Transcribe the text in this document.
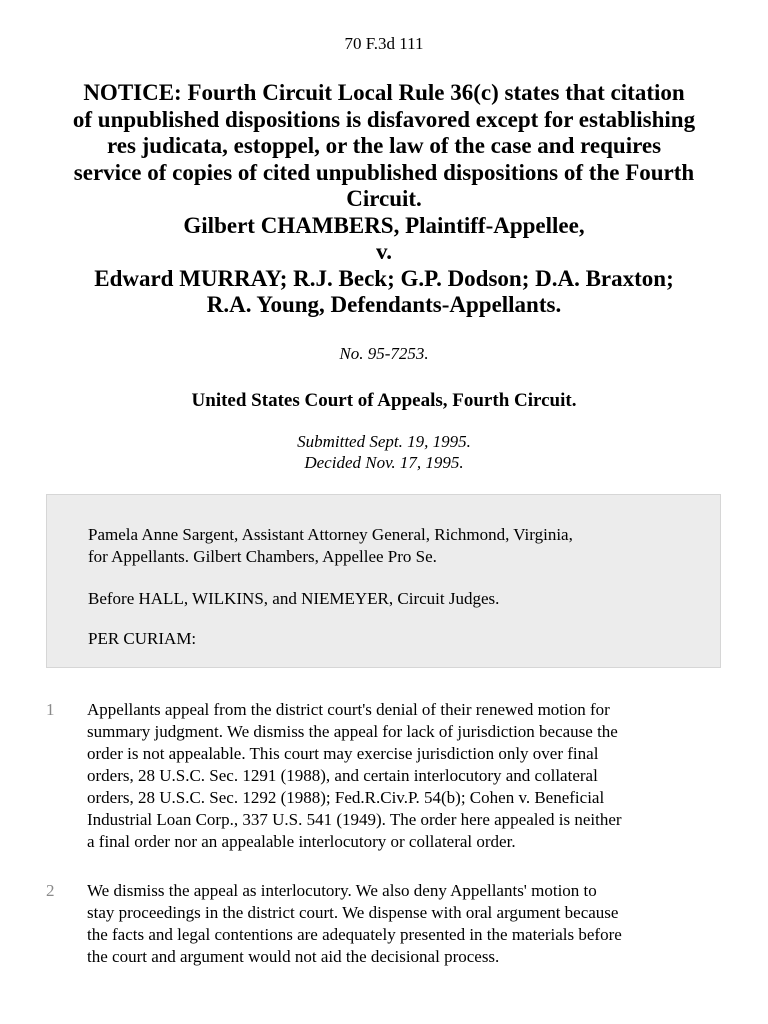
70 F.3d 111
NOTICE: Fourth Circuit Local Rule 36(c) states that citation
of unpublished dispositions is disfavored except for establishing
res judicata, estoppel, or the law of the case and requires
service of copies of cited unpublished dispositions of the Fourth
Circuit.
Gilbert CHAMBERS, Plaintiff-Appellee,
v.
Edward MURRAY; R.J. Beck; G.P. Dodson; D.A. Braxton;
R.A. Young, Defendants-Appellants.
No. 95-7253.
United States Court of Appeals, Fourth Circuit.
Submitted Sept. 19, 1995.
Decided Nov. 17, 1995.
Pamela Anne Sargent, Assistant Attorney General, Richmond, Virginia,
for Appellants. Gilbert Chambers, Appellee Pro Se.
Before HALL, WILKINS, and NIEMEYER, Circuit Judges.
PER CURIAM:
1 Appellants appeal from the district court's denial of their renewed motion for
summary judgment. We dismiss the appeal for lack of jurisdiction because the
order is not appealable. This court may exercise jurisdiction only over final
orders, 28 U.S.C. Sec. 1291 (1988), and certain interlocutory and collateral
orders, 28 U.S.C. Sec. 1292 (1988); Fed.R.Civ.P. 54(b); Cohen v. Beneficial
Industrial Loan Corp., 337 U.S. 541 (1949). The order here appealed is neither
a final order nor an appealable interlocutory or collateral order.
2 We dismiss the appeal as interlocutory. We also deny Appellants' motion to
stay proceedings in the district court. We dispense with oral argument because
the facts and legal contentions are adequately presented in the materials before
the court and argument would not aid the decisional process.
